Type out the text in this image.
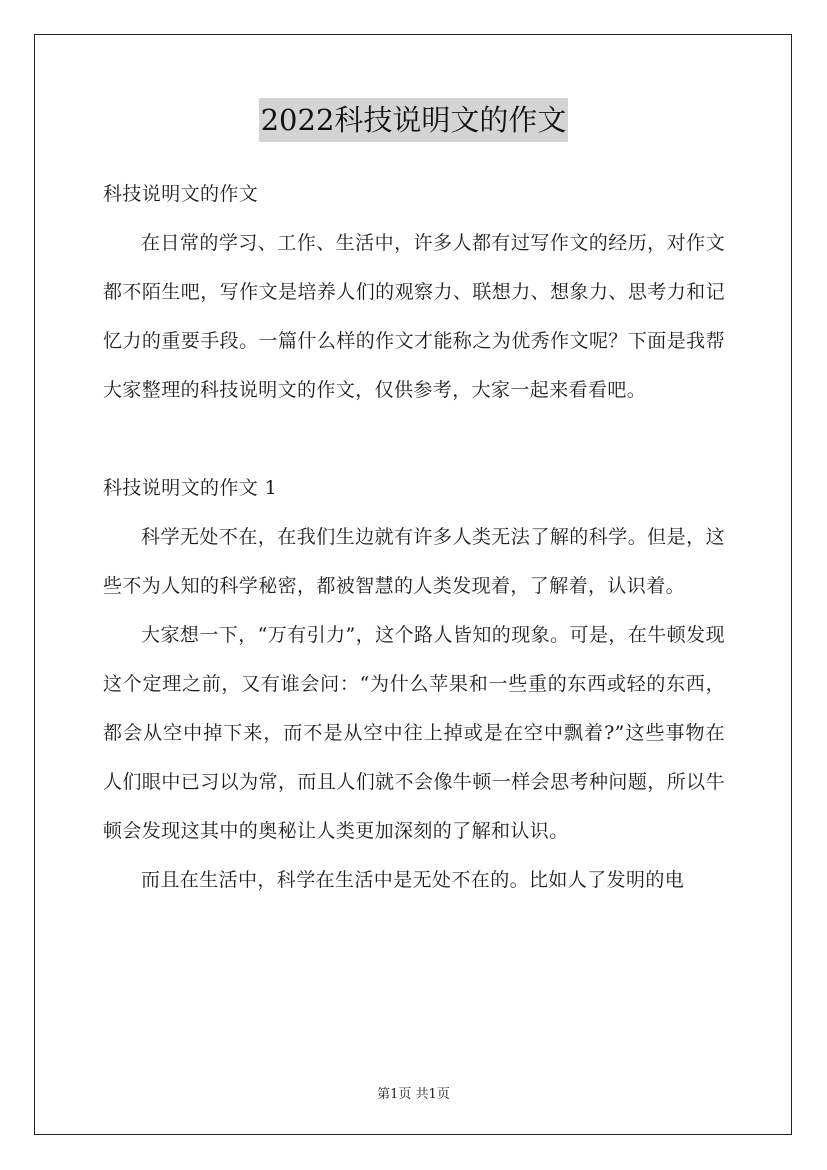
2022科技说明文的作文

科技说明文的作文

在日常的学习、工作、生活中，许多人都有过写作文的经历，对作文都不陌生吧，写作文是培养人们的观察力、联想力、想象力、思考力和记忆力的重要手段。一篇什么样的作文才能称之为优秀作文呢？下面是我帮大家整理的科技说明文的作文，仅供参考，大家一起来看看吧。

科技说明文的作文 1

科学无处不在，在我们生边就有许多人类无法了解的科学。但是，这些不为人知的科学秘密，都被智慧的人类发现着，了解着，认识着。

大家想一下，“万有引力”，这个路人皆知的现象。可是，在牛顿发现这个定理之前，又有谁会问：“为什么苹果和一些重的东西或轻的东西，都会从空中掉下来，而不是从空中往上掉或是在空中飘着?”这些事物在人们眼中已习以为常，而且人们就不会像牛顿一样会思考种问题，所以牛顿会发现这其中的奥秘让人类更加深刻的了解和认识。

而且在生活中，科学在生活中是无处不在的。比如人了发明的电

第1页 共1页
